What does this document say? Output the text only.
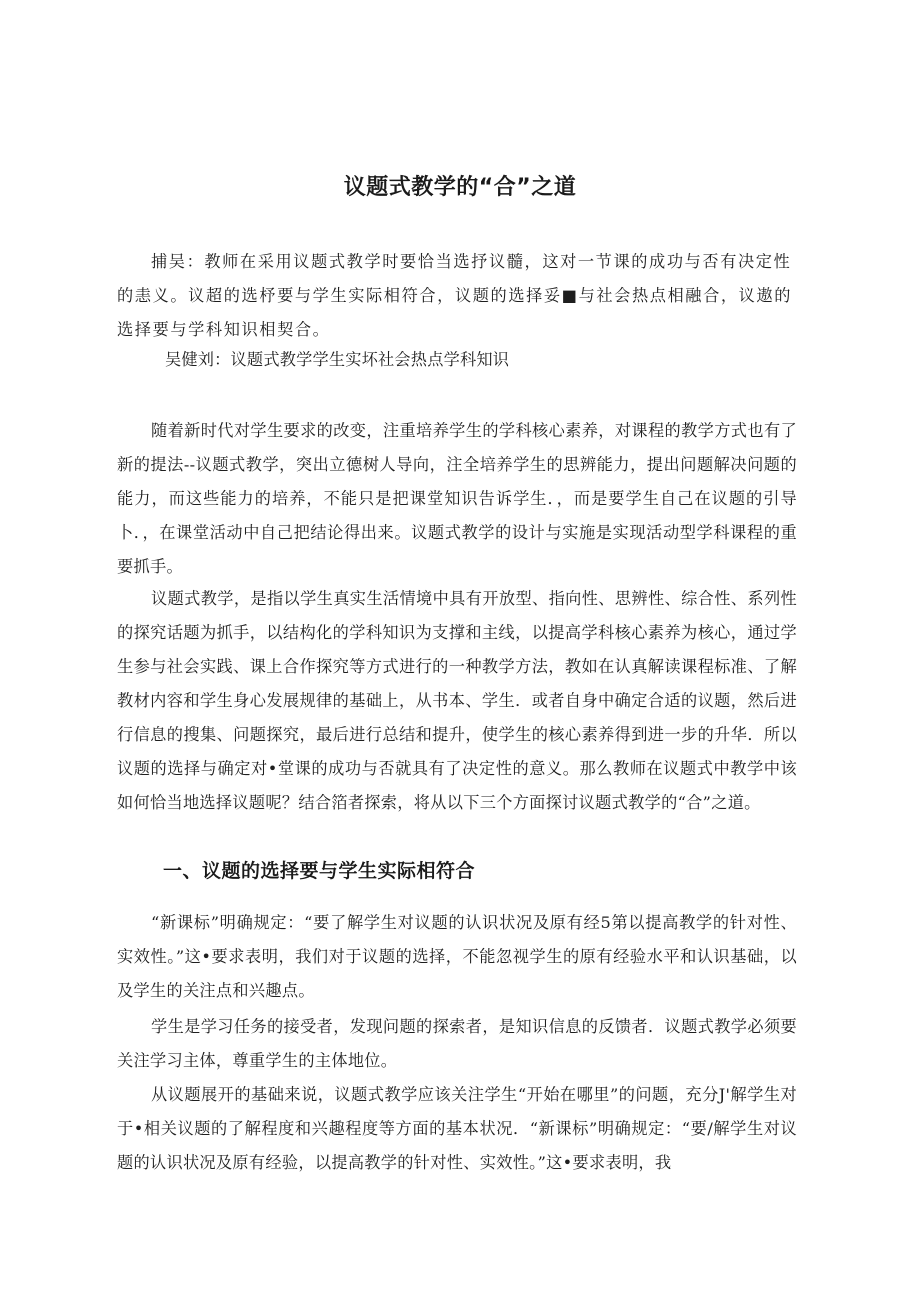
议题式教学的“合”之道
捕吴：教师在采用议题式教学时要恰当选抒议髓，这对一节课的成功与否有决定性的恚义。议超的选杼要与学生实际相符合，议题的选择妥■与社会热点相融合，议遨的选择要与学科知识相契合。
吴健刘：议题式教学学生实坏社会热点学科知识
随着新时代对学生要求的改变，注重培养学生的学科核心素养，对课程的教学方式也有了新的提法--议题式教学，突出立德树人导向，注全培养学生的思辨能力，提出问题解决问题的能力，而这些能力的培养，不能只是把课堂知识告诉学生．，而是要学生自己在议题的引导卜．，在课堂活动中自己把结论得出来。议题式教学的设计与实施是实现活动型学科课程的重要抓手。
议题式教学，是指以学生真实生活情境中具有开放型、指向性、思辨性、综合性、系列性的探究话题为抓手，以结构化的学科知识为支撑和主线，以提高学科核心素养为核心，通过学生参与社会实践、课上合作探究等方式进行的一种教学方法，教如在认真解读课程标准、了解教材内容和学生身心发展规律的基础上，从书本、学生．或者自身中确定合适的议题，然后进行信息的搜集、问题探究，最后进行总结和提升，使学生的核心素养得到进一步的升华．所以议题的选择与确定对•堂课的成功与否就具有了决定性的意义。那么教师在议题式中教学中该如何恰当地选择议题呢？结合箔者探索，将从以下三个方面探讨议题式教学的“合”之道。
一、议题的选择要与学生实际相符合
“新课标”明确规定：“要了解学生对议题的认识状况及原有经5第以提高教学的针对性、实效性。”这•要求表明，我们对于议题的选择，不能忽视学生的原有经验水平和认识基础，以及学生的关注点和兴趣点。
学生是学习任务的接受者，发现问题的探索者，是知识信息的反馈者．议题式教学必须要关注学习主体，尊重学生的主体地位。
从议题展开的基础来说，议题式教学应该关注学生“开始在哪里”的问题，充分J'解学生对于•相关议题的了解程度和兴趣程度等方面的基本状况．“新课标”明确规定：“要/解学生对议题的认识状况及原有经验，以提高教学的针对性、实效性。”这•要求表明，我
